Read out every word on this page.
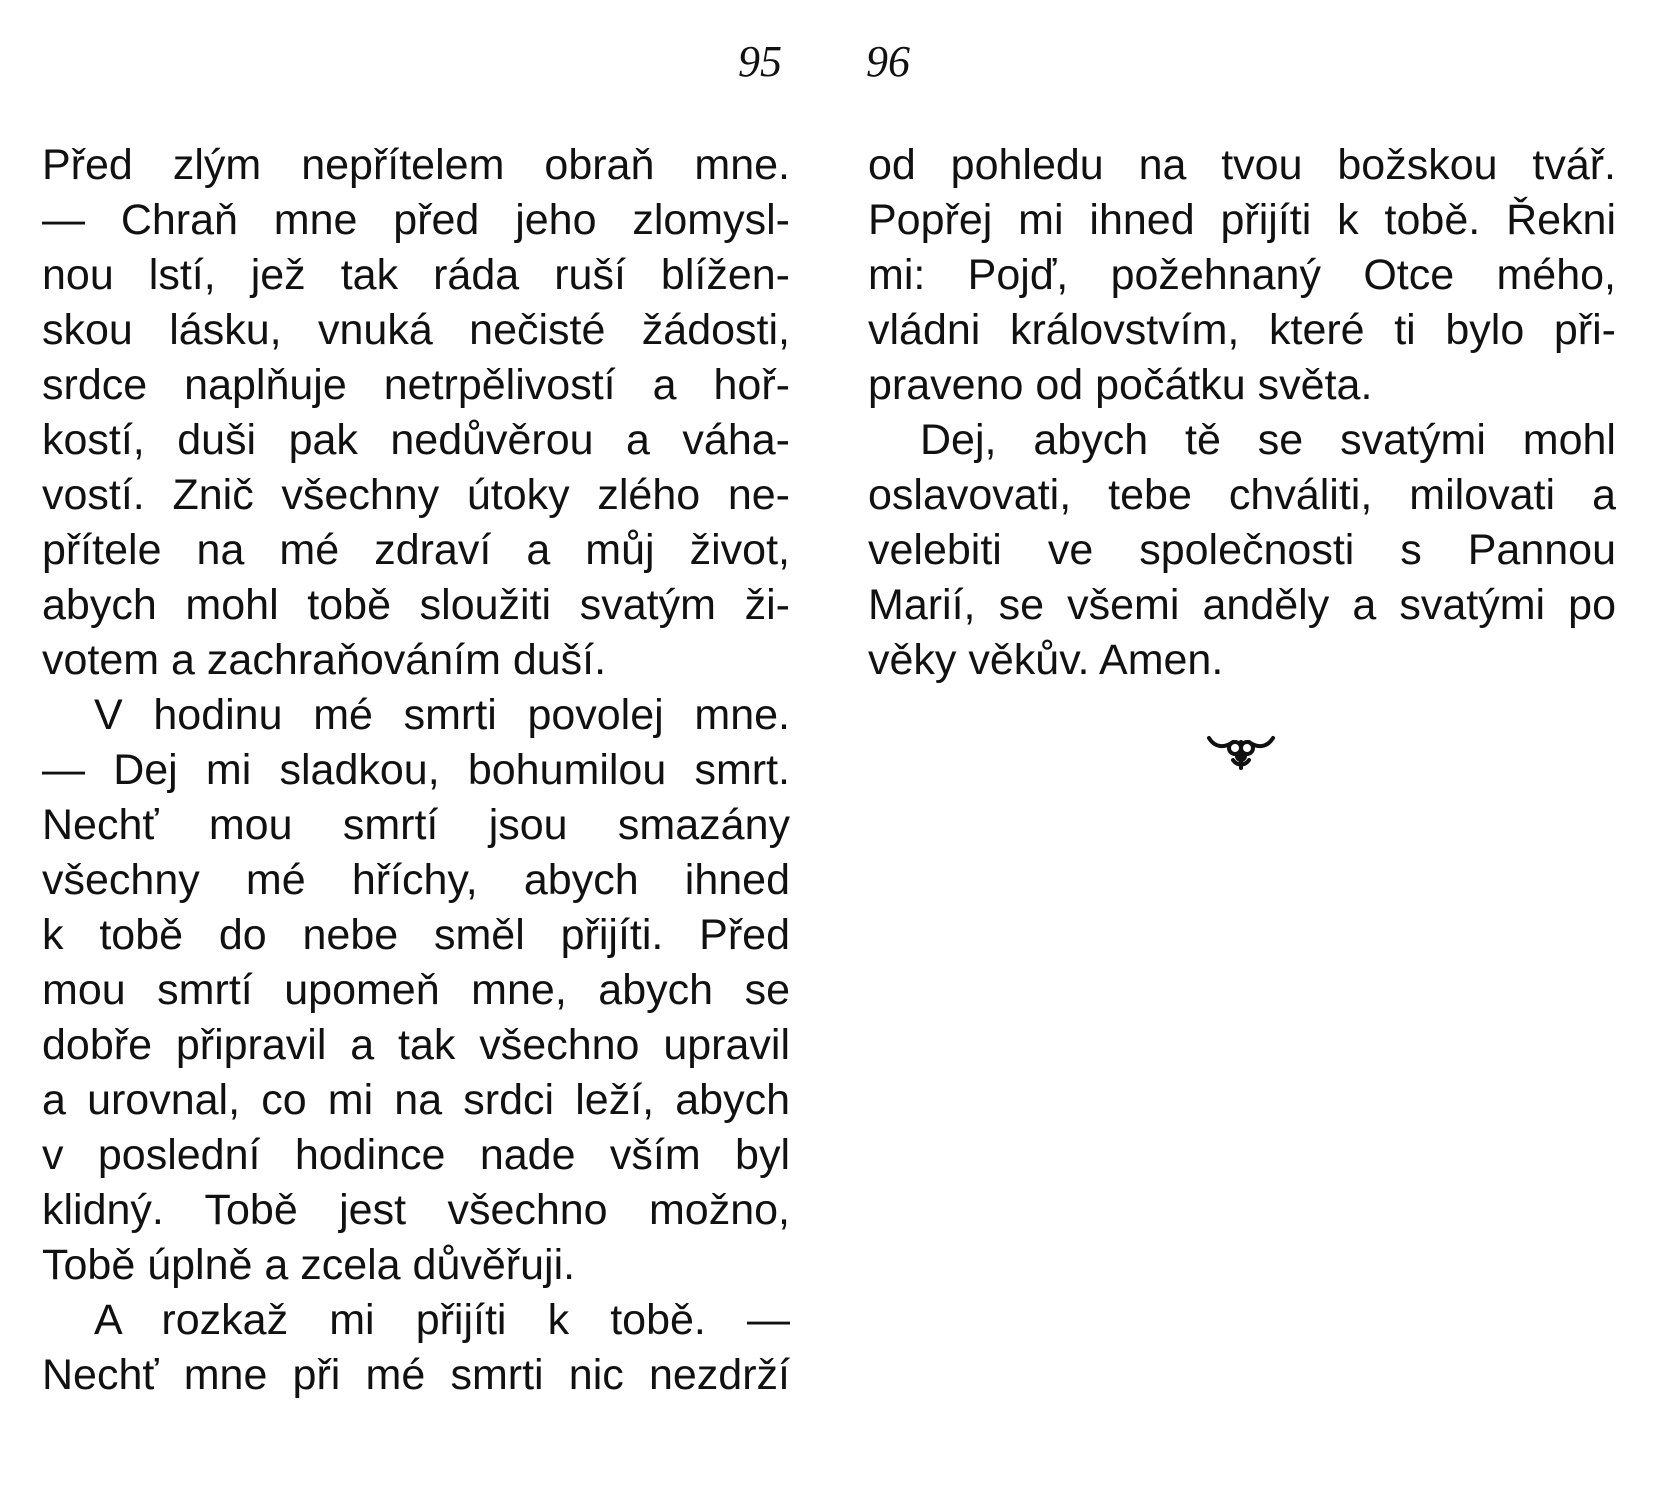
95 96
Před zlým nepřítelem obraň mne.
— Chraň mne před jeho zlomysl-
nou lstí, jež tak ráda ruší blížen-
skou lásku, vnuká nečisté žádosti,
srdce naplňuje netrpělivostí a hoř-
kostí, duši pak nedůvěrou a váha-
vostí. Znič všechny útoky zlého ne-
přítele na mé zdraví a můj život,
abych mohl tobě sloužiti svatým ži-
votem a zachraňováním duší.
V hodinu mé smrti povolej mne.
— Dej mi sladkou, bohumilou smrt.
Nechť mou smrtí jsou smazány
všechny mé hříchy, abych ihned
k tobě do nebe směl přijíti. Před
mou smrtí upomeň mne, abych se
dobře připravil a tak všechno upravil
a urovnal, co mi na srdci leží, abych
v poslední hodince nade vším byl
klidný. Tobě jest všechno možno,
Tobě úplně a zcela důvěřuji.
A rozkaž mi přijíti k tobě. —
Nechť mne při mé smrti nic nezdrží
od pohledu na tvou božskou tvář.
Popřej mi ihned přijíti k tobě. Řekni
mi: Pojď, požehnaný Otce mého,
vládni královstvím, které ti bylo při-
praveno od počátku světa.
Dej, abych tě se svatými mohl
oslavovati, tebe chváliti, milovati a
velebiti ve společnosti s Pannou
Marií, se všemi anděly a svatými po
věky věkův. Amen.
